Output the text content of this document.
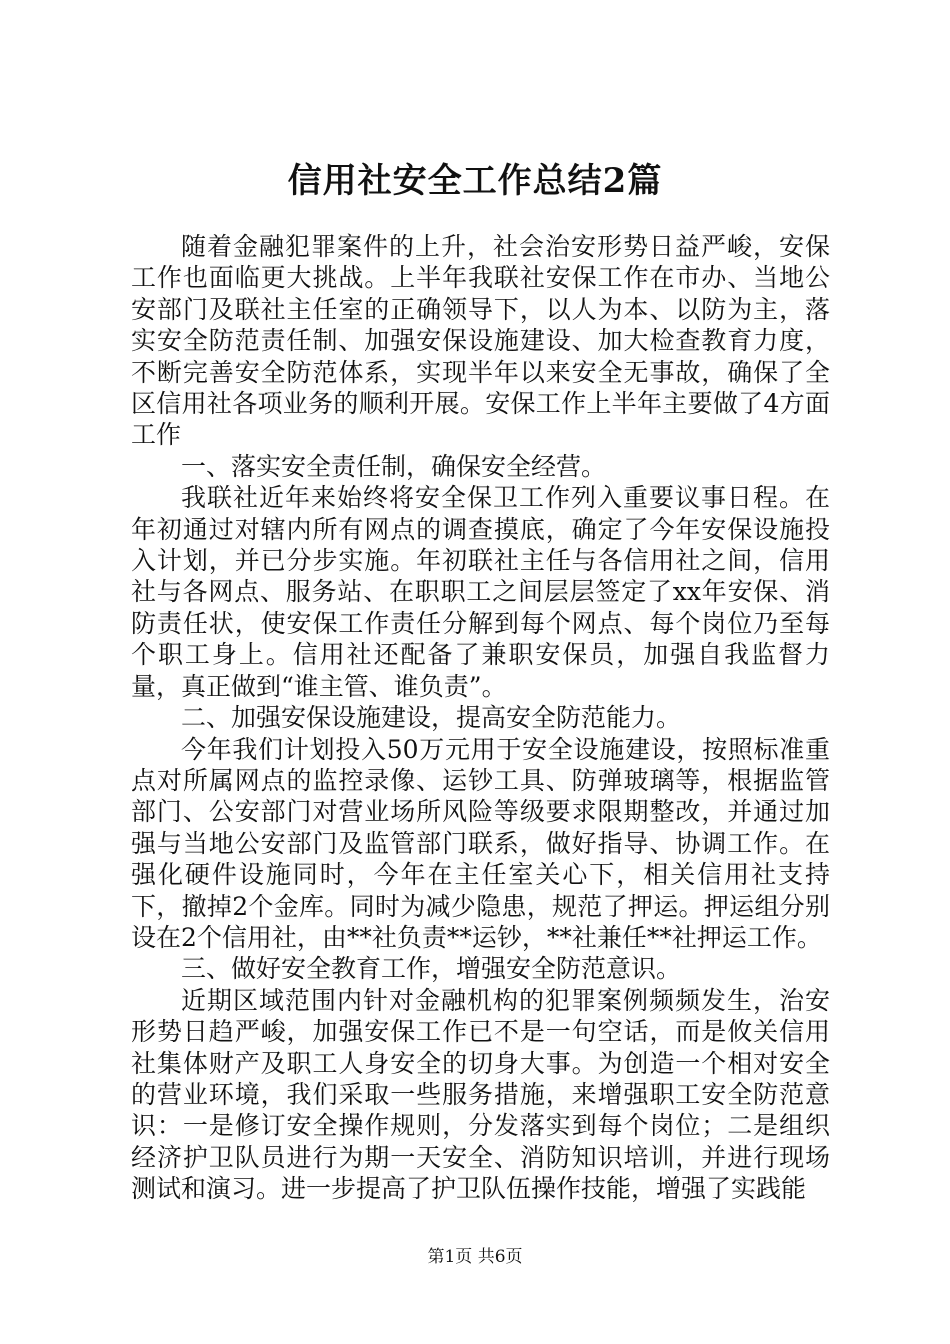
信用社安全工作总结2篇

随着金融犯罪案件的上升，社会治安形势日益严峻，安保工作也面临更大挑战。上半年我联社安保工作在市办、当地公安部门及联社主任室的正确领导下，以人为本、以防为主，落实安全防范责任制、加强安保设施建设、加大检查教育力度，不断完善安全防范体系，实现半年以来安全无事故，确保了全区信用社各项业务的顺利开展。安保工作上半年主要做了4方面工作

一、落实安全责任制，确保安全经营。

我联社近年来始终将安全保卫工作列入重要议事日程。在年初通过对辖内所有网点的调查摸底，确定了今年安保设施投入计划，并已分步实施。年初联社主任与各信用社之间，信用社与各网点、服务站、在职职工之间层层签定了xx年安保、消防责任状，使安保工作责任分解到每个网点、每个岗位乃至每个职工身上。信用社还配备了兼职安保员，加强自我监督力量，真正做到“谁主管、谁负责”。

二、加强安保设施建设，提高安全防范能力。

今年我们计划投入50万元用于安全设施建设，按照标准重点对所属网点的监控录像、运钞工具、防弹玻璃等，根据监管部门、公安部门对营业场所风险等级要求限期整改，并通过加强与当地公安部门及监管部门联系，做好指导、协调工作。在强化硬件设施同时，今年在主任室关心下，相关信用社支持下，撤掉2个金库。同时为减少隐患，规范了押运。押运组分别设在2个信用社，由**社负责**运钞，**社兼任**社押运工作。

三、做好安全教育工作，增强安全防范意识。

近期区域范围内针对金融机构的犯罪案例频频发生，治安形势日趋严峻，加强安保工作已不是一句空话，而是攸关信用社集体财产及职工人身安全的切身大事。为创造一个相对安全的营业环境，我们采取一些服务措施，来增强职工安全防范意识：一是修订安全操作规则，分发落实到每个岗位；二是组织经济护卫队员进行为期一天安全、消防知识培训，并进行现场测试和演习。进一步提高了护卫队伍操作技能，增强了实践能

第1页 共6页
